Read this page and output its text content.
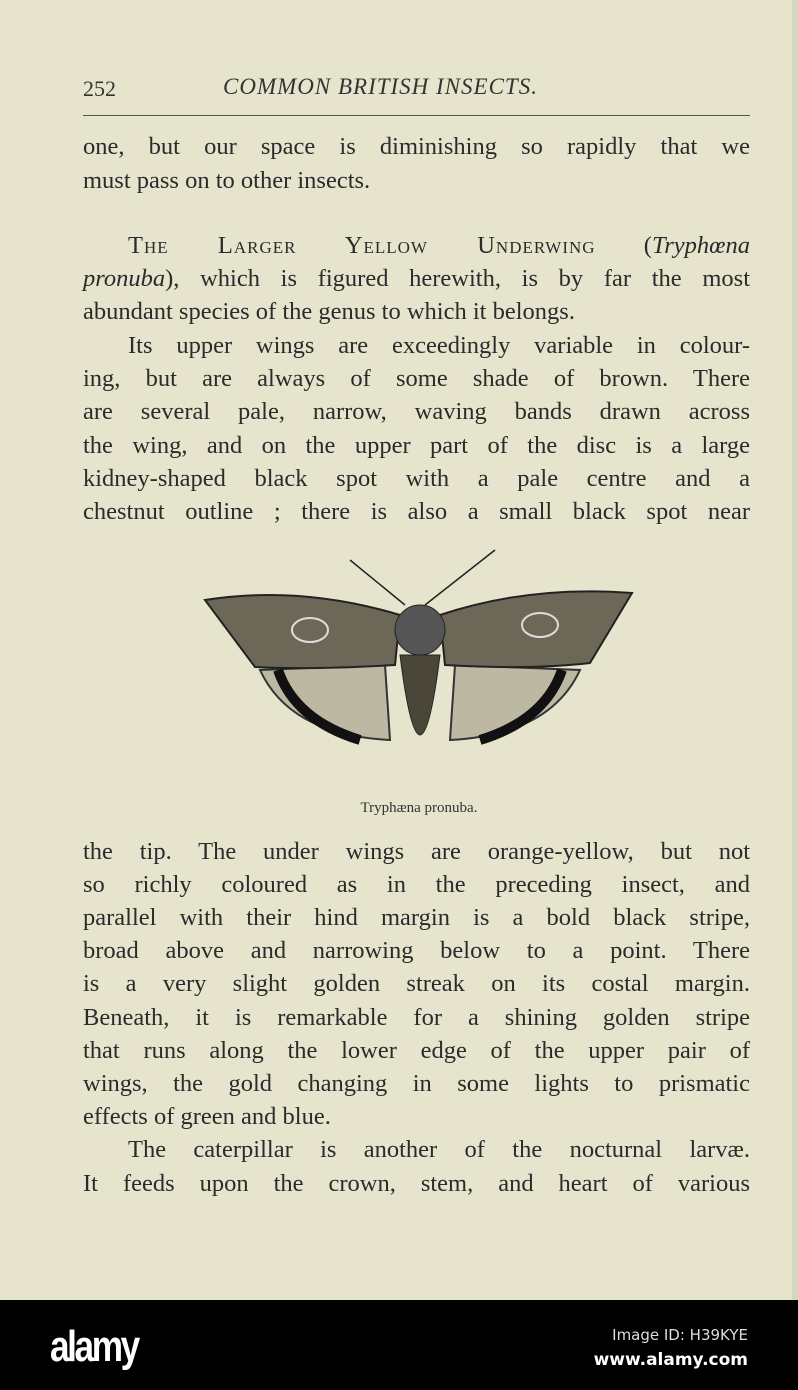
252	COMMON BRITISH INSECTS.
one, but our space is diminishing so rapidly that we
must pass on to other insects.
The Larger Yellow Underwing (Tryphœna
pronuba), which is figured herewith, is by far the most
abundant species of the genus to which it belongs.
Its upper wings are exceedingly variable in colour-
ing, but are always of some shade of brown. There
are several pale, narrow, waving bands drawn across
the wing, and on the upper part of the disc is a large
kidney-shaped black spot with a pale centre and a
chestnut outline ; there is also a small black spot near
Tryphæna pronuba.
the tip. The under wings are orange-yellow, but not
so richly coloured as in the preceding insect, and
parallel with their hind margin is a bold black stripe,
broad above and narrowing below to a point. There
is a very slight golden streak on its costal margin.
Beneath, it is remarkable for a shining golden stripe
that runs along the lower edge of the upper pair of
wings, the gold changing in some lights to prismatic
effects of green and blue.
The caterpillar is another of the nocturnal larvæ.
It feeds upon the crown, stem, and heart of various
alamy	Image ID: H39KYE
www.alamy.com
